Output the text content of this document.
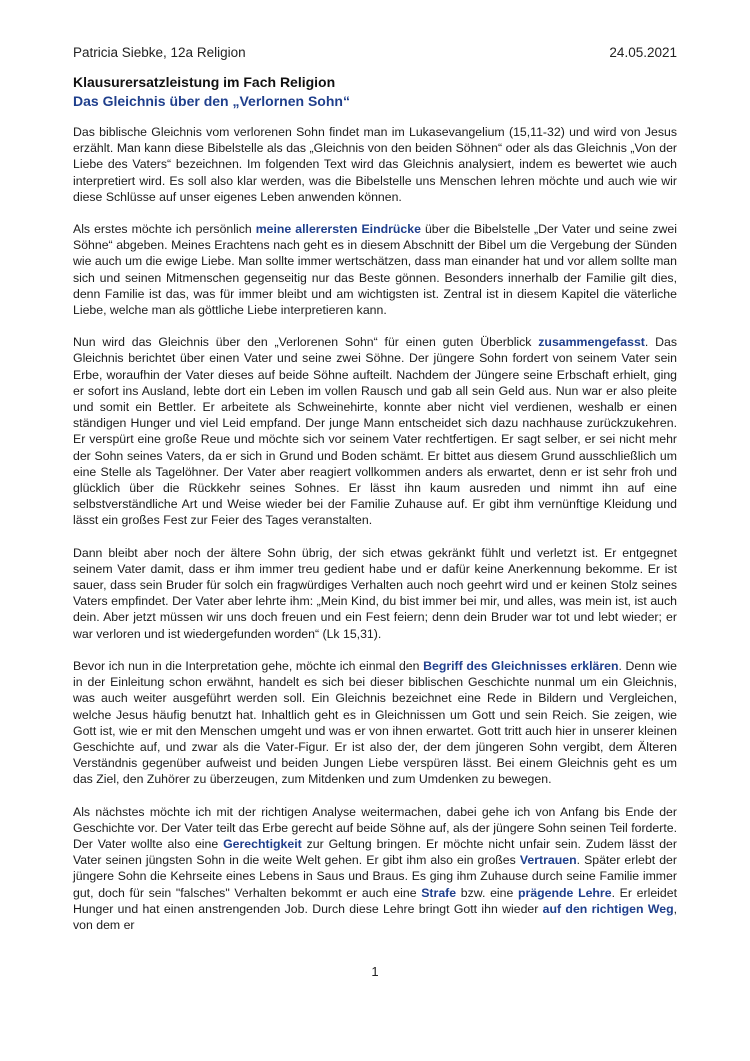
Patricia Siebke, 12a Religion	24.05.2021
Klausurersatzleistung im Fach Religion
Das Gleichnis über den „Verlornen Sohn“

Das biblische Gleichnis vom verlorenen Sohn findet man im Lukasevangelium (15,11-32) und wird von Jesus erzählt. Man kann diese Bibelstelle als das „Gleichnis von den beiden Söhnen“ oder als das Gleichnis „Von der Liebe des Vaters“ bezeichnen. Im folgenden Text wird das Gleichnis analysiert, indem es bewertet wie auch interpretiert wird. Es soll also klar werden, was die Bibelstelle uns Menschen lehren möchte und auch wie wir diese Schlüsse auf unser eigenes Leben anwenden können.

Als erstes möchte ich persönlich meine allerersten Eindrücke über die Bibelstelle „Der Vater und seine zwei Söhne“ abgeben. Meines Erachtens nach geht es in diesem Abschnitt der Bibel um die Vergebung der Sünden wie auch um die ewige Liebe. Man sollte immer wertschätzen, dass man einander hat und vor allem sollte man sich und seinen Mitmenschen gegenseitig nur das Beste gönnen. Besonders innerhalb der Familie gilt dies, denn Familie ist das, was für immer bleibt und am wichtigsten ist. Zentral ist in diesem Kapitel die väterliche Liebe, welche man als göttliche Liebe interpretieren kann.

Nun wird das Gleichnis über den „Verlorenen Sohn“ für einen guten Überblick zusammengefasst. Das Gleichnis berichtet über einen Vater und seine zwei Söhne. Der jüngere Sohn fordert von seinem Vater sein Erbe, woraufhin der Vater dieses auf beide Söhne aufteilt. Nachdem der Jüngere seine Erbschaft erhielt, ging er sofort ins Ausland, lebte dort ein Leben im vollen Rausch und gab all sein Geld aus. Nun war er also pleite und somit ein Bettler. Er arbeitete als Schweinehirte, konnte aber nicht viel verdienen, weshalb er einen ständigen Hunger und viel Leid empfand. Der junge Mann entscheidet sich dazu nachhause zurückzukehren. Er verspürt eine große Reue und möchte sich vor seinem Vater rechtfertigen. Er sagt selber, er sei nicht mehr der Sohn seines Vaters, da er sich in Grund und Boden schämt. Er bittet aus diesem Grund ausschließlich um eine Stelle als Tagelöhner. Der Vater aber reagiert vollkommen anders als erwartet, denn er ist sehr froh und glücklich über die Rückkehr seines Sohnes. Er lässt ihn kaum ausreden und nimmt ihn auf eine selbstverständliche Art und Weise wieder bei der Familie Zuhause auf. Er gibt ihm vernünftige Kleidung und lässt ein großes Fest zur Feier des Tages veranstalten.

Dann bleibt aber noch der ältere Sohn übrig, der sich etwas gekränkt fühlt und verletzt ist. Er entgegnet seinem Vater damit, dass er ihm immer treu gedient habe und er dafür keine Anerkennung bekomme. Er ist sauer, dass sein Bruder für solch ein fragwürdiges Verhalten auch noch geehrt wird und er keinen Stolz seines Vaters empfindet. Der Vater aber lehrte ihm: „Mein Kind, du bist immer bei mir, und alles, was mein ist, ist auch dein. Aber jetzt müssen wir uns doch freuen und ein Fest feiern; denn dein Bruder war tot und lebt wieder; er war verloren und ist wiedergefunden worden“ (Lk 15,31).

Bevor ich nun in die Interpretation gehe, möchte ich einmal den Begriff des Gleichnisses erklären. Denn wie in der Einleitung schon erwähnt, handelt es sich bei dieser biblischen Geschichte nunmal um ein Gleichnis, was auch weiter ausgeführt werden soll. Ein Gleichnis bezeichnet eine Rede in Bildern und Vergleichen, welche Jesus häufig benutzt hat. Inhaltlich geht es in Gleichnissen um Gott und sein Reich. Sie zeigen, wie Gott ist, wie er mit den Menschen umgeht und was er von ihnen erwartet. Gott tritt auch hier in unserer kleinen Geschichte auf, und zwar als die Vater-Figur. Er ist also der, der dem jüngeren Sohn vergibt, dem Älteren Verständnis gegenüber aufweist und beiden Jungen Liebe verspüren lässt. Bei einem Gleichnis geht es um das Ziel, den Zuhörer zu überzeugen, zum Mitdenken und zum Umdenken zu bewegen.

Als nächstes möchte ich mit der richtigen Analyse weitermachen, dabei gehe ich von Anfang bis Ende der Geschichte vor. Der Vater teilt das Erbe gerecht auf beide Söhne auf, als der jüngere Sohn seinen Teil forderte. Der Vater wollte also eine Gerechtigkeit zur Geltung bringen. Er möchte nicht unfair sein. Zudem lässt der Vater seinen jüngsten Sohn in die weite Welt gehen. Er gibt ihm also ein großes Vertrauen. Später erlebt der jüngere Sohn die Kehrseite eines Lebens in Saus und Braus. Es ging ihm Zuhause durch seine Familie immer gut, doch für sein "falsches" Verhalten bekommt er auch eine Strafe bzw. eine prägende Lehre. Er erleidet Hunger und hat einen anstrengenden Job. Durch diese Lehre bringt Gott ihn wieder auf den richtigen Weg, von dem er

1
